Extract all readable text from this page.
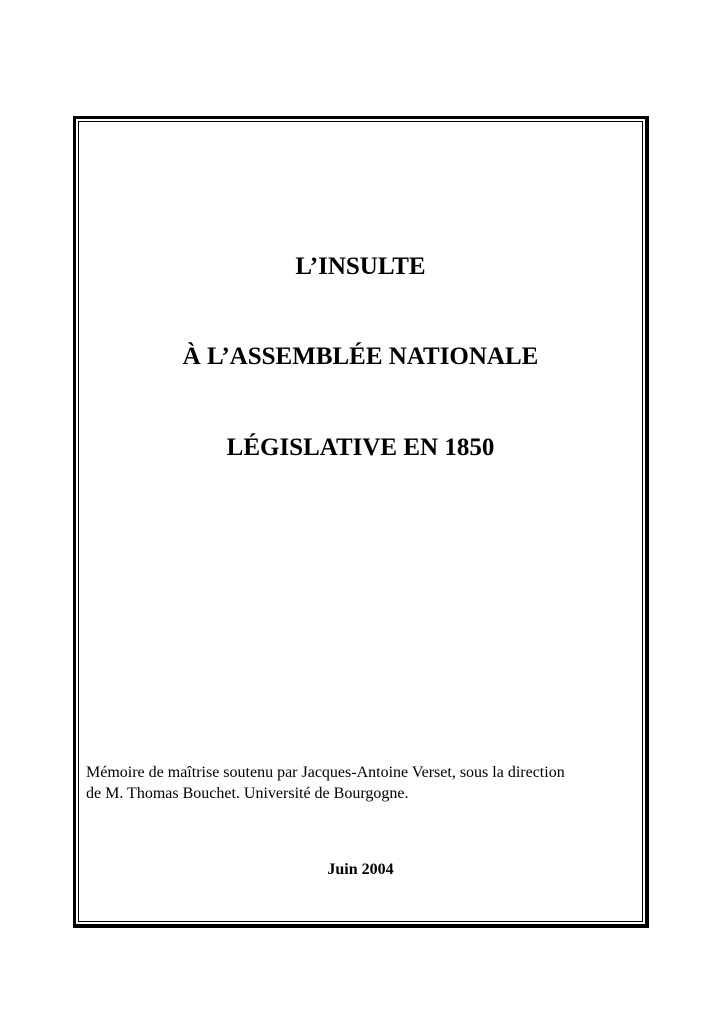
L’INSULTE
À L’ASSEMBLÉE NATIONALE
LÉGISLATIVE EN 1850
Mémoire de maîtrise soutenu par Jacques-Antoine Verset, sous la direction
de M. Thomas Bouchet. Université de Bourgogne.
Juin 2004
